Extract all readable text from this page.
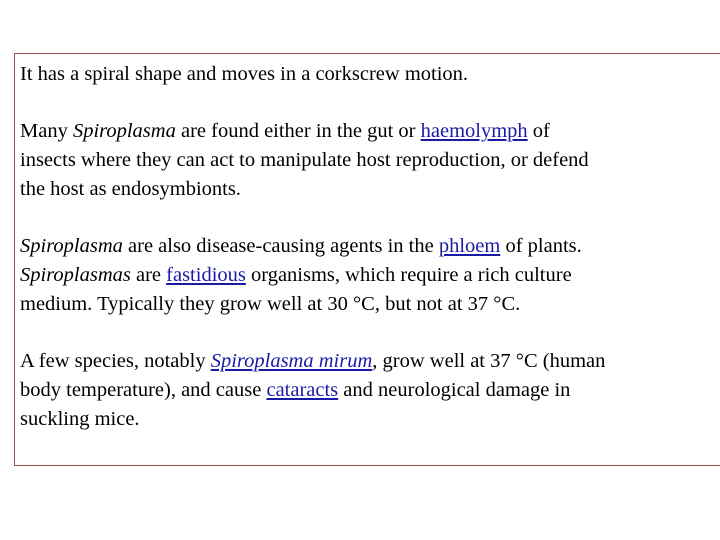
It has a spiral shape and moves in a corkscrew motion.

Many Spiroplasma are found either in the gut or haemolymph of
insects where they can act to manipulate host reproduction, or defend
the host as endosymbionts.

Spiroplasma are also disease-causing agents in the phloem of plants.
Spiroplasmas are fastidious organisms, which require a rich culture
medium. Typically they grow well at 30 °C, but not at 37 °C.

A few species, notably Spiroplasma mirum, grow well at 37 °C (human
body temperature), and cause cataracts and neurological damage in
suckling mice.
